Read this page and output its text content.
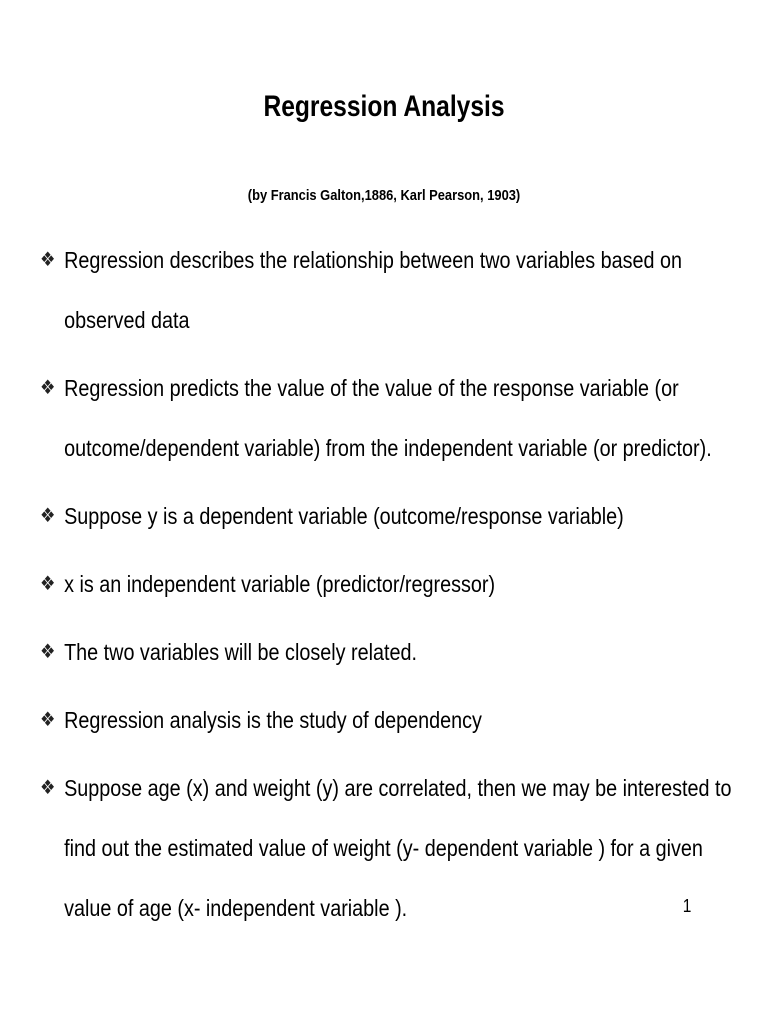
Regression Analysis
(by Francis Galton,1886, Karl Pearson, 1903)
❖ Regression describes the relationship between two variables based on observed data
❖ Regression predicts the value of the value of the response variable (or outcome/dependent variable) from the independent variable (or predictor).
❖ Suppose y is a dependent variable (outcome/response variable)
❖ x is an independent variable (predictor/regressor)
❖ The two variables will be closely related.
❖ Regression analysis is the study of dependency
❖ Suppose age (x) and weight (y) are correlated, then we may be interested to find out the estimated value of weight (y- dependent variable ) for a given value of age (x- independent variable ).	1
